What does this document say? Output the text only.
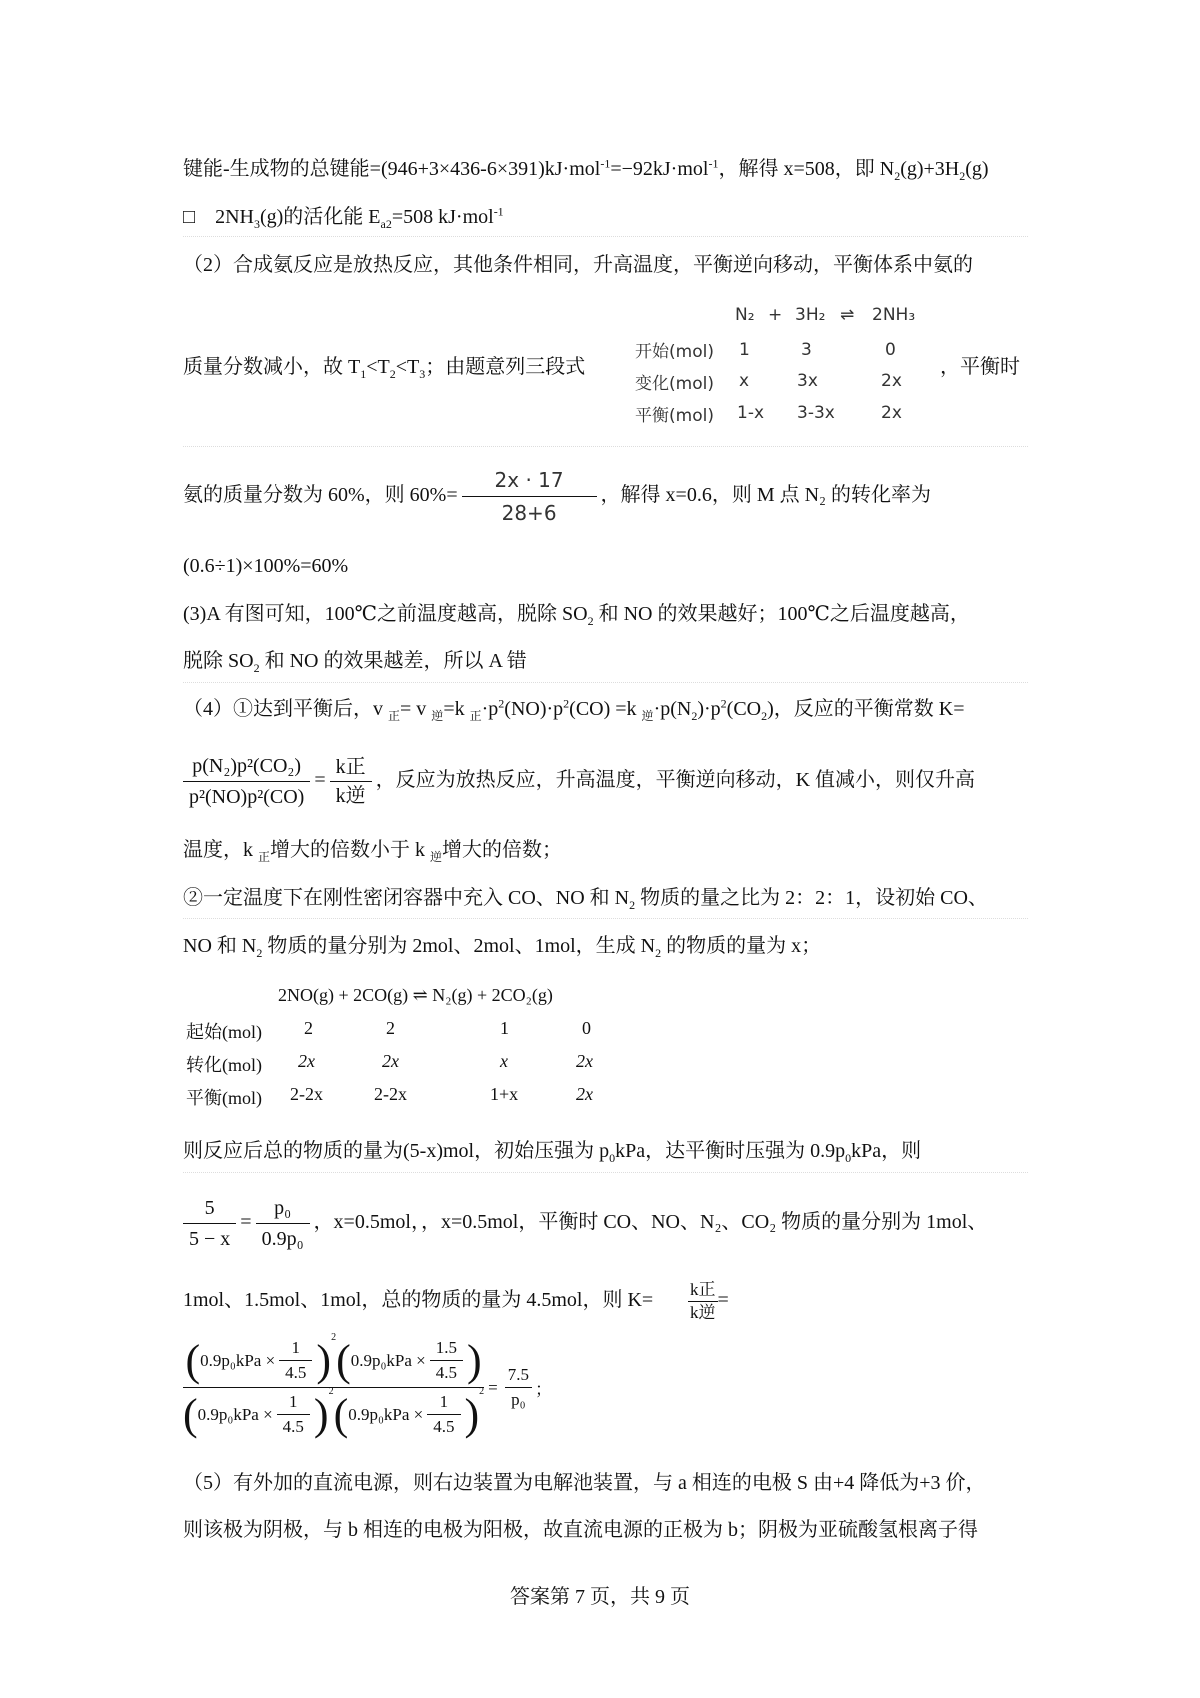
键能-生成物的总键能=(946+3×436-6×391)kJ·mol$^{-1}$=−92kJ·mol$^{-1}$，解得 x=508，即 $N_2(g)+3H_2(g)$
□　$2NH_3(g)$的活化能 $E_{a2}=508$ kJ·mol$^{-1}$
（2）合成氨反应是放热反应，其他条件相同，升高温度，平衡逆向移动，平衡体系中氨的
质量分数减小，故 $T_1<T_2<T_3$；由题意列三段式
N₂ + 3H₂ ⇌ 2NH₃
开始(mol) 1	3	0
变化(mol) x	3x	2x
平衡(mol) 1-x 3-3x	2x
，平衡时
氨的质量分数为 60%，则 $60\%= \frac{2x \cdot 17}{28+6}$ ，解得 x=0.6，则 M 点 N₂ 的转化率为
(0.6÷1)×100%=60%
(3)A 有图可知，100℃之前温度越高，脱除 $SO_2$ 和 NO 的效果越好；100℃之后温度越高，
脱除 $SO_2$ 和 NO 的效果越差，所以 A 错
（4）①达到平衡后，v $_正$= v $_逆$=k $_正\cdot p^2(NO)\cdot p^2(CO) =k$ $_逆\cdot p(N_2)\cdot p^2(CO_2)$，反应的平衡常数 K=
$\frac{\text{p(N₂)p²(CO₂)}}{\text{p²(NO)p²(CO)}} = \frac{\text{k正}}{\text{k逆}}$ ，反应为放热反应，升高温度，平衡逆向移动，K 值减小，则仅升高
温度，k $_正$增大的倍数小于 k $_逆$增大的倍数；
②一定温度下在刚性密闭容器中充入 CO、NO 和 $N_2$ 物质的量之比为 2：2：1，设初始 CO、
NO 和 $N_2$ 物质的量分别为 2mol、2mol、1mol，生成 $N_2$ 的物质的量为 x；
2NO(g) + 2CO(g) ⇌ N₂(g) + 2CO₂(g)
起始(mol) 2	2	1	0
转化(mol) 2x	2x	x	2x
平衡(mol) 2-2x	2-2x	1+x	2x
则反应后总的物质的量为(5-x)mol，初始压强为 $p_0kPa$，达平衡时压强为 $0.9p_0kPa$，则
$\frac{5}{5 - x} = \frac{\text{p₀}}{\text{0.9p₀}}$ ，x=0.5mol，，x=0.5mol，平衡时 CO、NO、N₂、CO₂ 物质的量分别为 1mol、
1mol、1.5mol、1mol，总的物质的量为 4.5mol，则 $K= \frac{\text{k正}}{\text{k逆}}$ =
( $0.9p_0kPa \times \frac{1}{4.5}$ ) 2 ( $0.9p_0kPa \times \frac{1.5}{4.5}$ )
( $0.9p_0kPa \times \frac{1}{4.5}$ ) 2 ( $0.9p_0kPa \times \frac{1}{4.5}$ ) $2 = \frac{7.5}{\text{p₀}}$ ；
（5）有外加的直流电源，则右边装置为电解池装置，与 a 相连的电极 S 由+4 降低为+3 价，
则该极为阴极，与 b 相连的电极为阳极，故直流电源的正极为 b；阴极为亚硫酸氢根离子得
答案第 7 页，共 9 页
